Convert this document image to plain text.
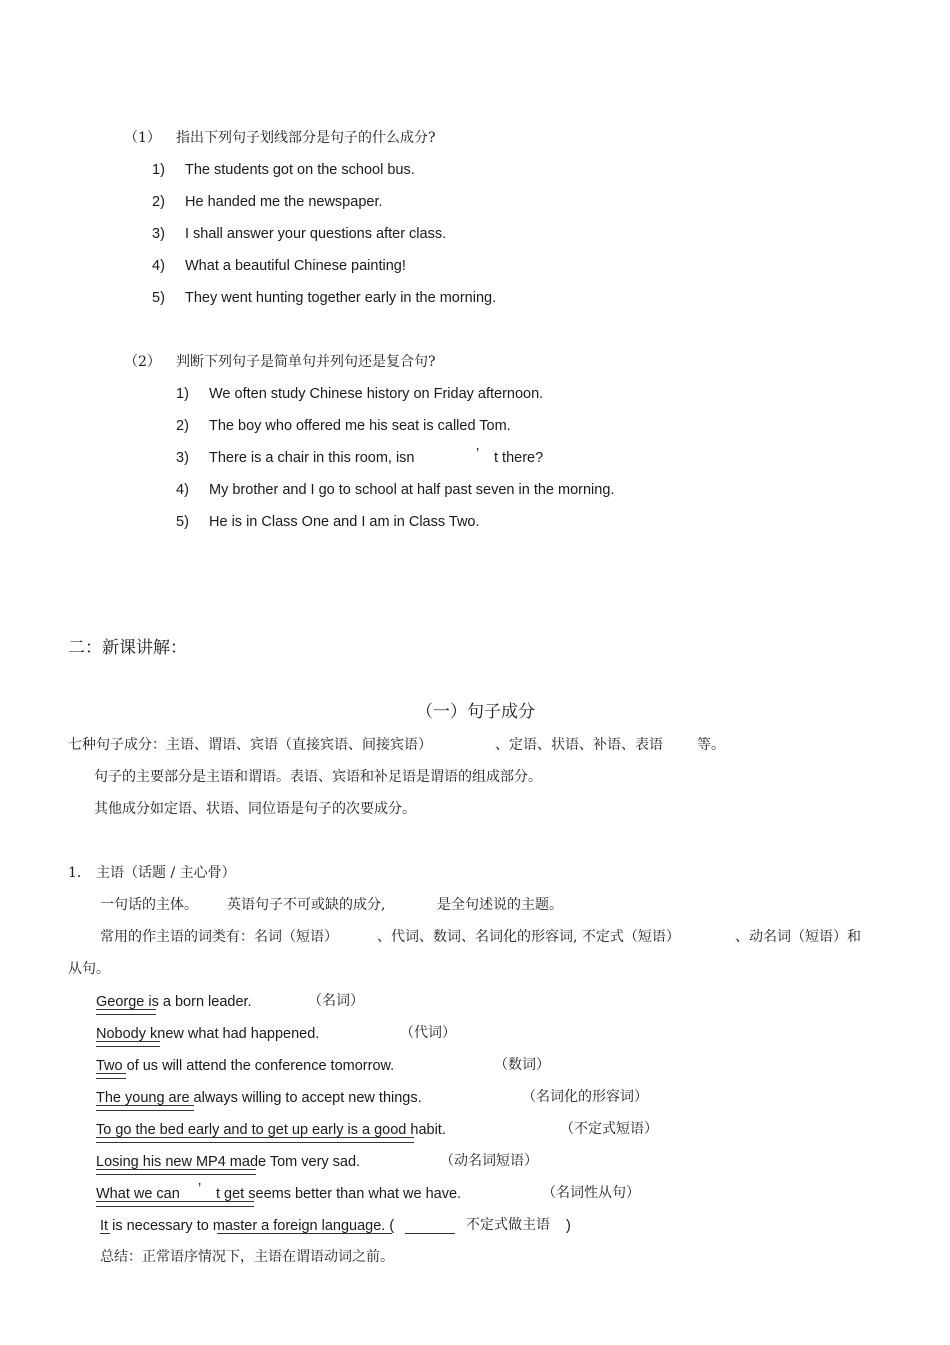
（1） 指出下列句子划线部分是句子的什么成分?
1) The students got on the school bus.
2) He handed me the newspaper.
3) I shall answer your questions after class.
4) What a beautiful Chinese painting!
5) They went hunting together early in the morning.
（2） 判断下列句子是简单句并列句还是复合句?
1) We often study Chinese history on Friday afternoon.
2) The boy who offered me his seat is called Tom.
3) There is a chair in this room, isn	’ t there?
4) My brother and I go to school at half past seven in the morning.
5) He is in Class One and I am in Class Two.
二：新课讲解：
（一）句子成分
七种句子成分：主语、谓语、宾语（直接宾语、间接宾语）	、定语、状语、补语、表语 等。
句子的主要部分是主语和谓语。表语、宾语和补足语是谓语的组成部分。
其他成分如定语、状语、同位语是句子的次要成分。
1． 主语（话题 / 主心骨）
一句话的主体。 英语句子不可或缺的成分,	是全句述说的主题。
常用的作主语的词类有：名词（短语）	、代词、数词、名词化的形容词, 不定式（短语）	、动名词（短语）和
从句。
George is a born leader.	（名词）
Nobody knew what had happened.	（代词）
Two of us will attend the conference tomorrow.	（数词）
The young are always willing to accept new things.	（名词化的形容词）
To go the bed early and to get up early is a good habit.	（不定式短语）
Losing his new MP4 made Tom very sad.	（动名词短语）
What we can ’ t get seems better than what we have.	（名词性从句）
It is necessary to master a foreign language. (	不定式做主语 )
总结：正常语序情况下，主语在谓语动词之前。
